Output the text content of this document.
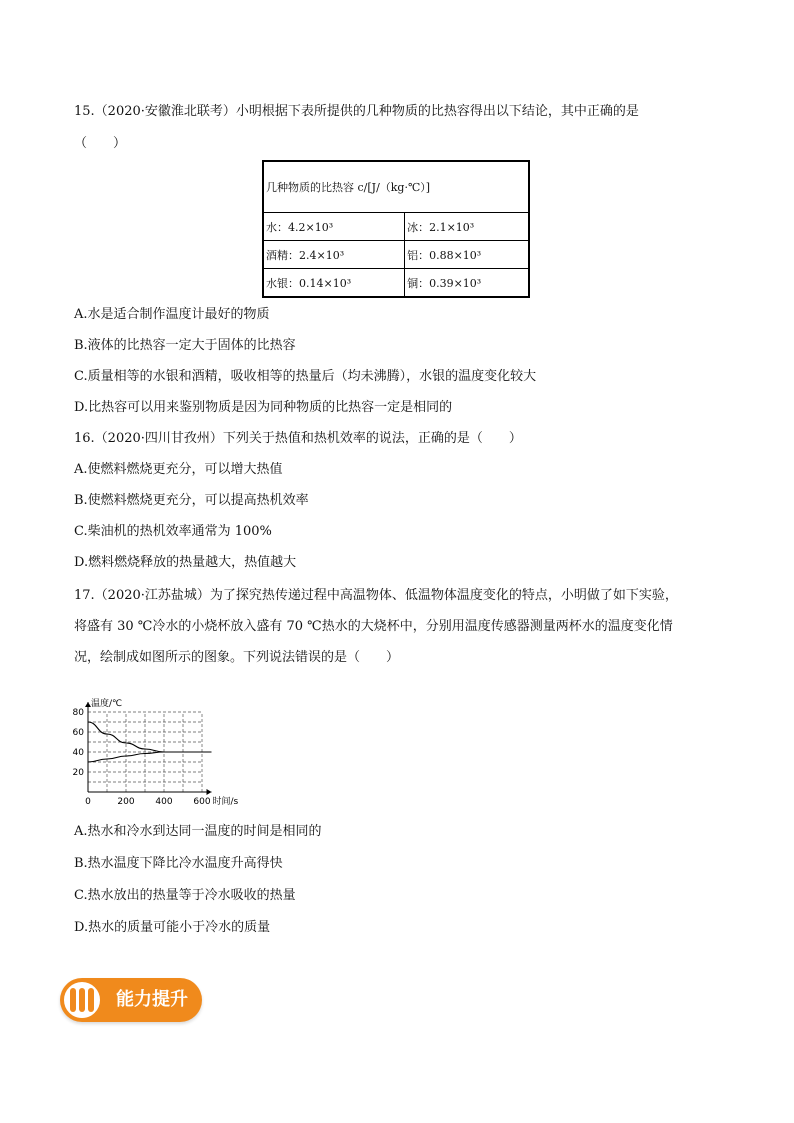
15.（2020·安徽淮北联考）小明根据下表所提供的几种物质的比热容得出以下结论，其中正确的是
（　　）
几种物质的比热容 c/[J/（kg·℃）]	
水：4.2×10³	冰：2.1×10³
酒精：2.4×10³	铝：0.88×10³
水银：0.14×10³	铜：0.39×10³
A.水是适合制作温度计最好的物质
B.液体的比热容一定大于固体的比热容
C.质量相等的水银和酒精，吸收相等的热量后（均未沸腾），水银的温度变化较大
D.比热容可以用来鉴别物质是因为同种物质的比热容一定是相同的
16.（2020·四川甘孜州）下列关于热值和热机效率的说法，正确的是（　　）
A.使燃料燃烧更充分，可以增大热值
B.使燃料燃烧更充分，可以提高热机效率
C.柴油机的热机效率通常为 100%
D.燃料燃烧释放的热量越大，热值越大
17.（2020·江苏盐城）为了探究热传递过程中高温物体、低温物体温度变化的特点，小明做了如下实验，
将盛有 30 ℃冷水的小烧杯放入盛有 70 ℃热水的大烧杯中，分别用温度传感器测量两杯水的温度变化情
况，绘制成如图所示的图象。下列说法错误的是（　　）
温度/℃
时间/s
20
40
60
80
0	200 400 600
A.热水和冷水到达同一温度的时间是相同的
B.热水温度下降比冷水温度升高得快
C.热水放出的热量等于冷水吸收的热量
D.热水的质量可能小于冷水的质量
能力提升
